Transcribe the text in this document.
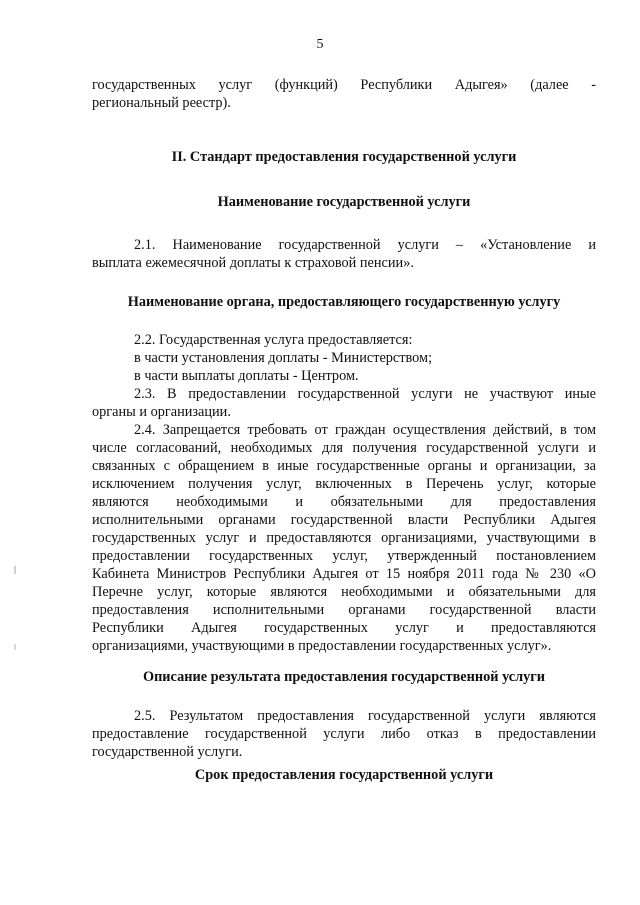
5

государственных услуг (функций) Республики Адыгея» (далее -

региональный реестр).

II. Стандарт предоставления государственной услуги

Наименование государственной услуги

2.1. Наименование государственной услуги – «Установление и

выплата ежемесячной доплаты к страховой пенсии».

Наименование органа, предоставляющего государственную услугу

2.2. Государственная услуга предоставляется:

в части установления доплаты - Министерством;

в части выплаты доплаты - Центром.

2.3. В предоставлении государственной услуги не участвуют иные

органы и организации.

2.4. Запрещается требовать от граждан осуществления действий, в том

числе согласований, необходимых для получения государственной услуги и

связанных с обращением в иные государственные органы и организации, за

исключением получения услуг, включенных в Перечень услуг, которые

являются необходимыми и обязательными для предоставления

исполнительными органами государственной власти Республики Адыгея

государственных услуг и предоставляются организациями, участвующими в

предоставлении государственных услуг, утвержденный постановлением

Кабинета Министров Республики Адыгея от 15 ноября 2011 года № 230 «О

Перечне услуг, которые являются необходимыми и обязательными для

предоставления исполнительными органами государственной власти

Республики Адыгея государственных услуг и предоставляются

организациями, участвующими в предоставлении государственных услуг».

Описание результата предоставления государственной услуги

2.5. Результатом предоставления государственной услуги являются

предоставление государственной услуги либо отказ в предоставлении

государственной услуги.

Срок предоставления государственной услуги
